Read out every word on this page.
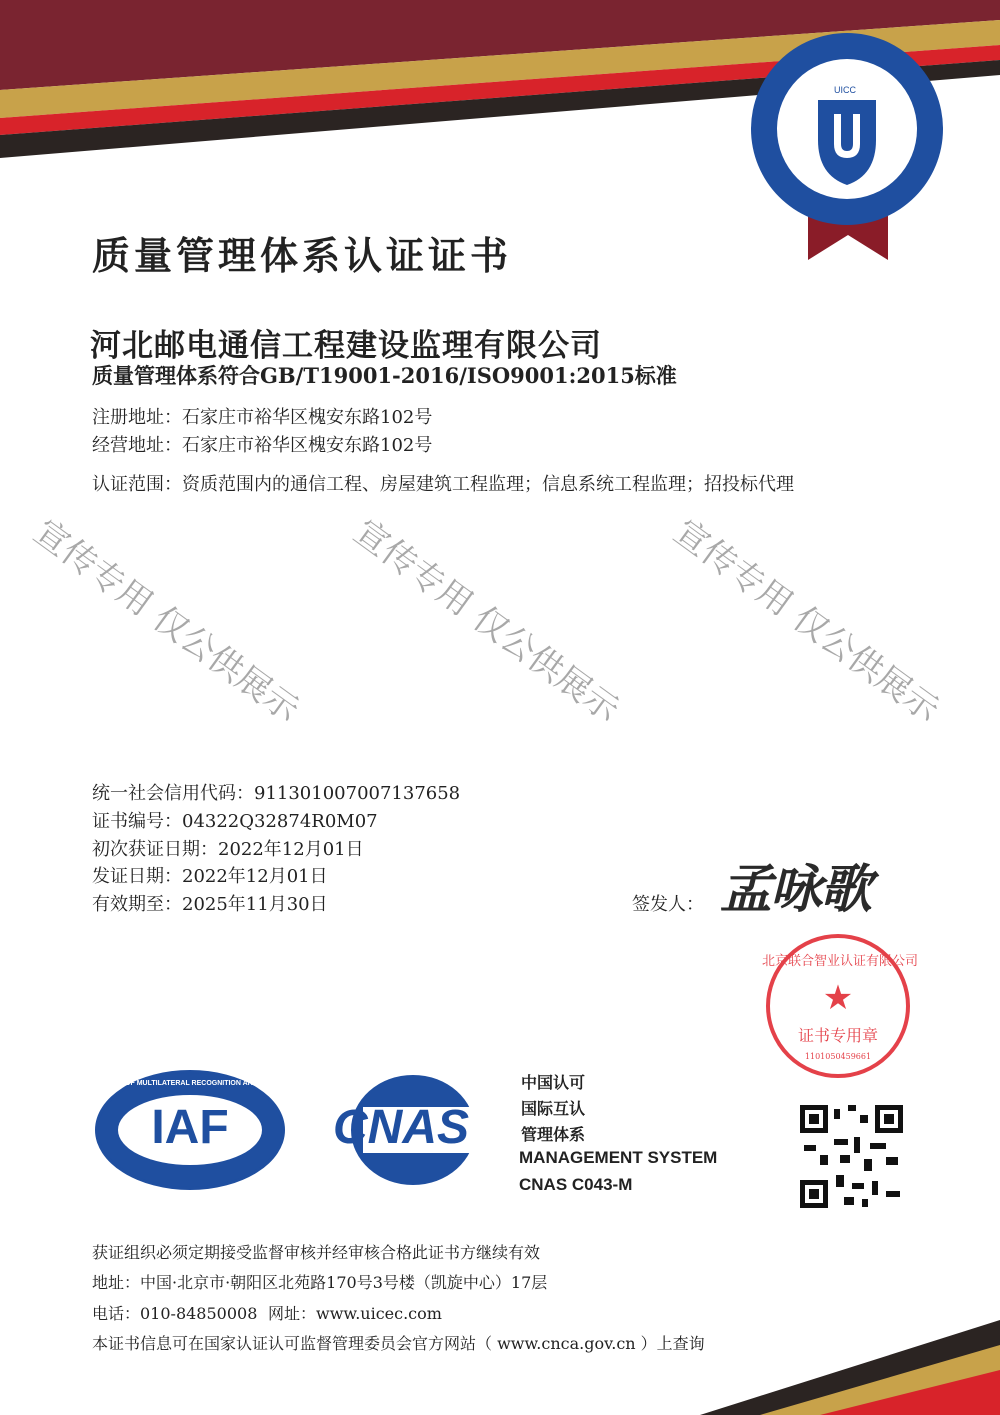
UICC
质量管理体系认证证书
河北邮电通信工程建设监理有限公司
质量管理体系符合GB/T19001-2016/ISO9001:2015标准
注册地址：石家庄市裕华区槐安东路102号
经营地址：石家庄市裕华区槐安东路102号
认证范围：资质范围内的通信工程、房屋建筑工程监理；信息系统工程监理；招投标代理
统一社会信用代码：911301007007137658
证书编号：04322Q32874R0M07
初次获证日期：2022年12月01日
发证日期：2022年12月01日
有效期至：2025年11月30日	签发人： 孟咏歌
北京联合智业认证有限公司
★
证书专用章
1101050459661
IAF
MEMBER OF MULTILATERAL RECOGNITION ARRANGEMENT
CNAS
中国认可
国际互认
管理体系
MANAGEMENT SYSTEM
CNAS C043-M
获证组织必须定期接受监督审核并经审核合格此证书方继续有效
地址：中国·北京市·朝阳区北苑路170号3号楼（凯旋中心）17层
电话：010-84850008 网址：www.uicec.com
本证书信息可在国家认证认可监督管理委员会官方网站（ www.cnca.gov.cn ）上查询
宣传专用 仅公供展示 宣传专用 仅公供展示 宣传专用 仅公供展示
